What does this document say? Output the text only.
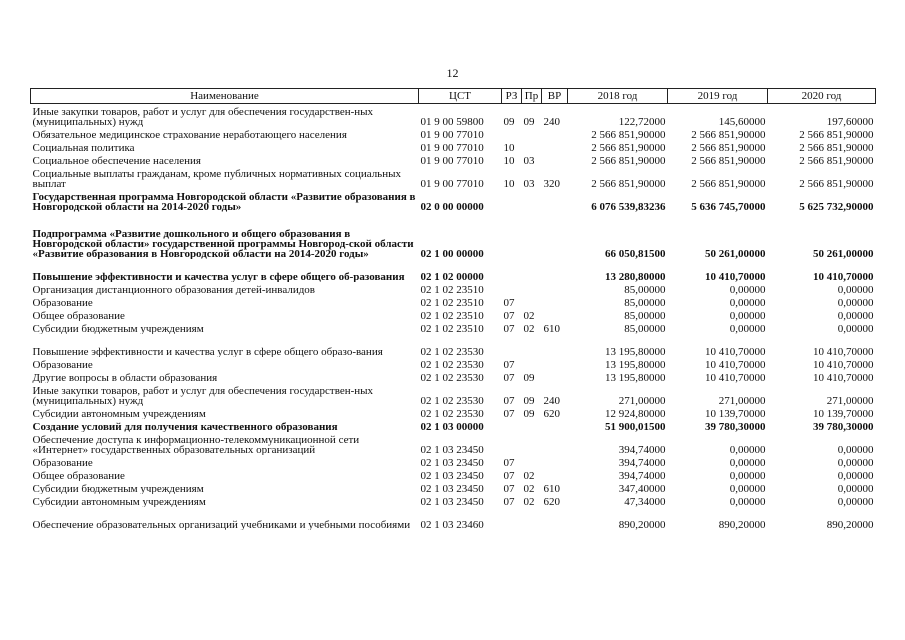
12
Наименование	ЦСТ	РЗ	Пр	ВР	2018 год	2019 год	2020 год
Иные закупки товаров, работ и услуг для обеспечения государствен-ных (муниципальных) нужд	01 9 00 59800	09	09	240	122,72000	145,60000	197,60000
Обязательное медицинское страхование неработающего населения	01 9 00 77010				2 566 851,90000	2 566 851,90000	2 566 851,90000
Социальная политика	01 9 00 77010	10			2 566 851,90000	2 566 851,90000	2 566 851,90000
Социальное обеспечение населения	01 9 00 77010	10	03		2 566 851,90000	2 566 851,90000	2 566 851,90000
Социальные выплаты гражданам, кроме публичных нормативных социальных выплат	01 9 00 77010	10	03	320	2 566 851,90000	2 566 851,90000	2 566 851,90000
Государственная программа Новгородской области «Развитие образования в Новгородской области на 2014-2020 годы»	02 0 00 00000				6 076 539,83236	5 636 745,70000	5 625 732,90000
Подпрограмма «Развитие дошкольного и общего образования в Новгородской области» государственной программы Новгород-ской области «Развитие образования в Новгородской области на 2014-2020 годы»	02 1 00 00000				66 050,81500	50 261,00000	50 261,00000
Повышение эффективности и качества услуг в сфере общего об-разования	02 1 02 00000				13 280,80000	10 410,70000	10 410,70000
Организация дистанционного образования детей-инвалидов	02 1 02 23510				85,00000	0,00000	0,00000
Образование	02 1 02 23510	07			85,00000	0,00000	0,00000
Общее образование	02 1 02 23510	07	02		85,00000	0,00000	0,00000
Субсидии бюджетным учреждениям	02 1 02 23510	07	02	610	85,00000	0,00000	0,00000
Повышение эффективности и качества услуг в сфере общего образо-вания	02 1 02 23530				13 195,80000	10 410,70000	10 410,70000
Образование	02 1 02 23530	07			13 195,80000	10 410,70000	10 410,70000
Другие вопросы в области образования	02 1 02 23530	07	09		13 195,80000	10 410,70000	10 410,70000
Иные закупки товаров, работ и услуг для обеспечения государствен-ных (муниципальных) нужд	02 1 02 23530	07	09	240	271,00000	271,00000	271,00000
Субсидии автономным учреждениям	02 1 02 23530	07	09	620	12 924,80000	10 139,70000	10 139,70000
Создание условий для получения качественного образования	02 1 03 00000				51 900,01500	39 780,30000	39 780,30000
Обеспечение доступа к информационно-телекоммуникационной сети «Интернет» государственных образовательных организаций	02 1 03 23450				394,74000	0,00000	0,00000
Образование	02 1 03 23450	07			394,74000	0,00000	0,00000
Общее образование	02 1 03 23450	07	02		394,74000	0,00000	0,00000
Субсидии бюджетным учреждениям	02 1 03 23450	07	02	610	347,40000	0,00000	0,00000
Субсидии автономным учреждениям	02 1 03 23450	07	02	620	47,34000	0,00000	0,00000
Обеспечение образовательных организаций учебниками и учебными пособиями	02 1 03 23460				890,20000	890,20000	890,20000
